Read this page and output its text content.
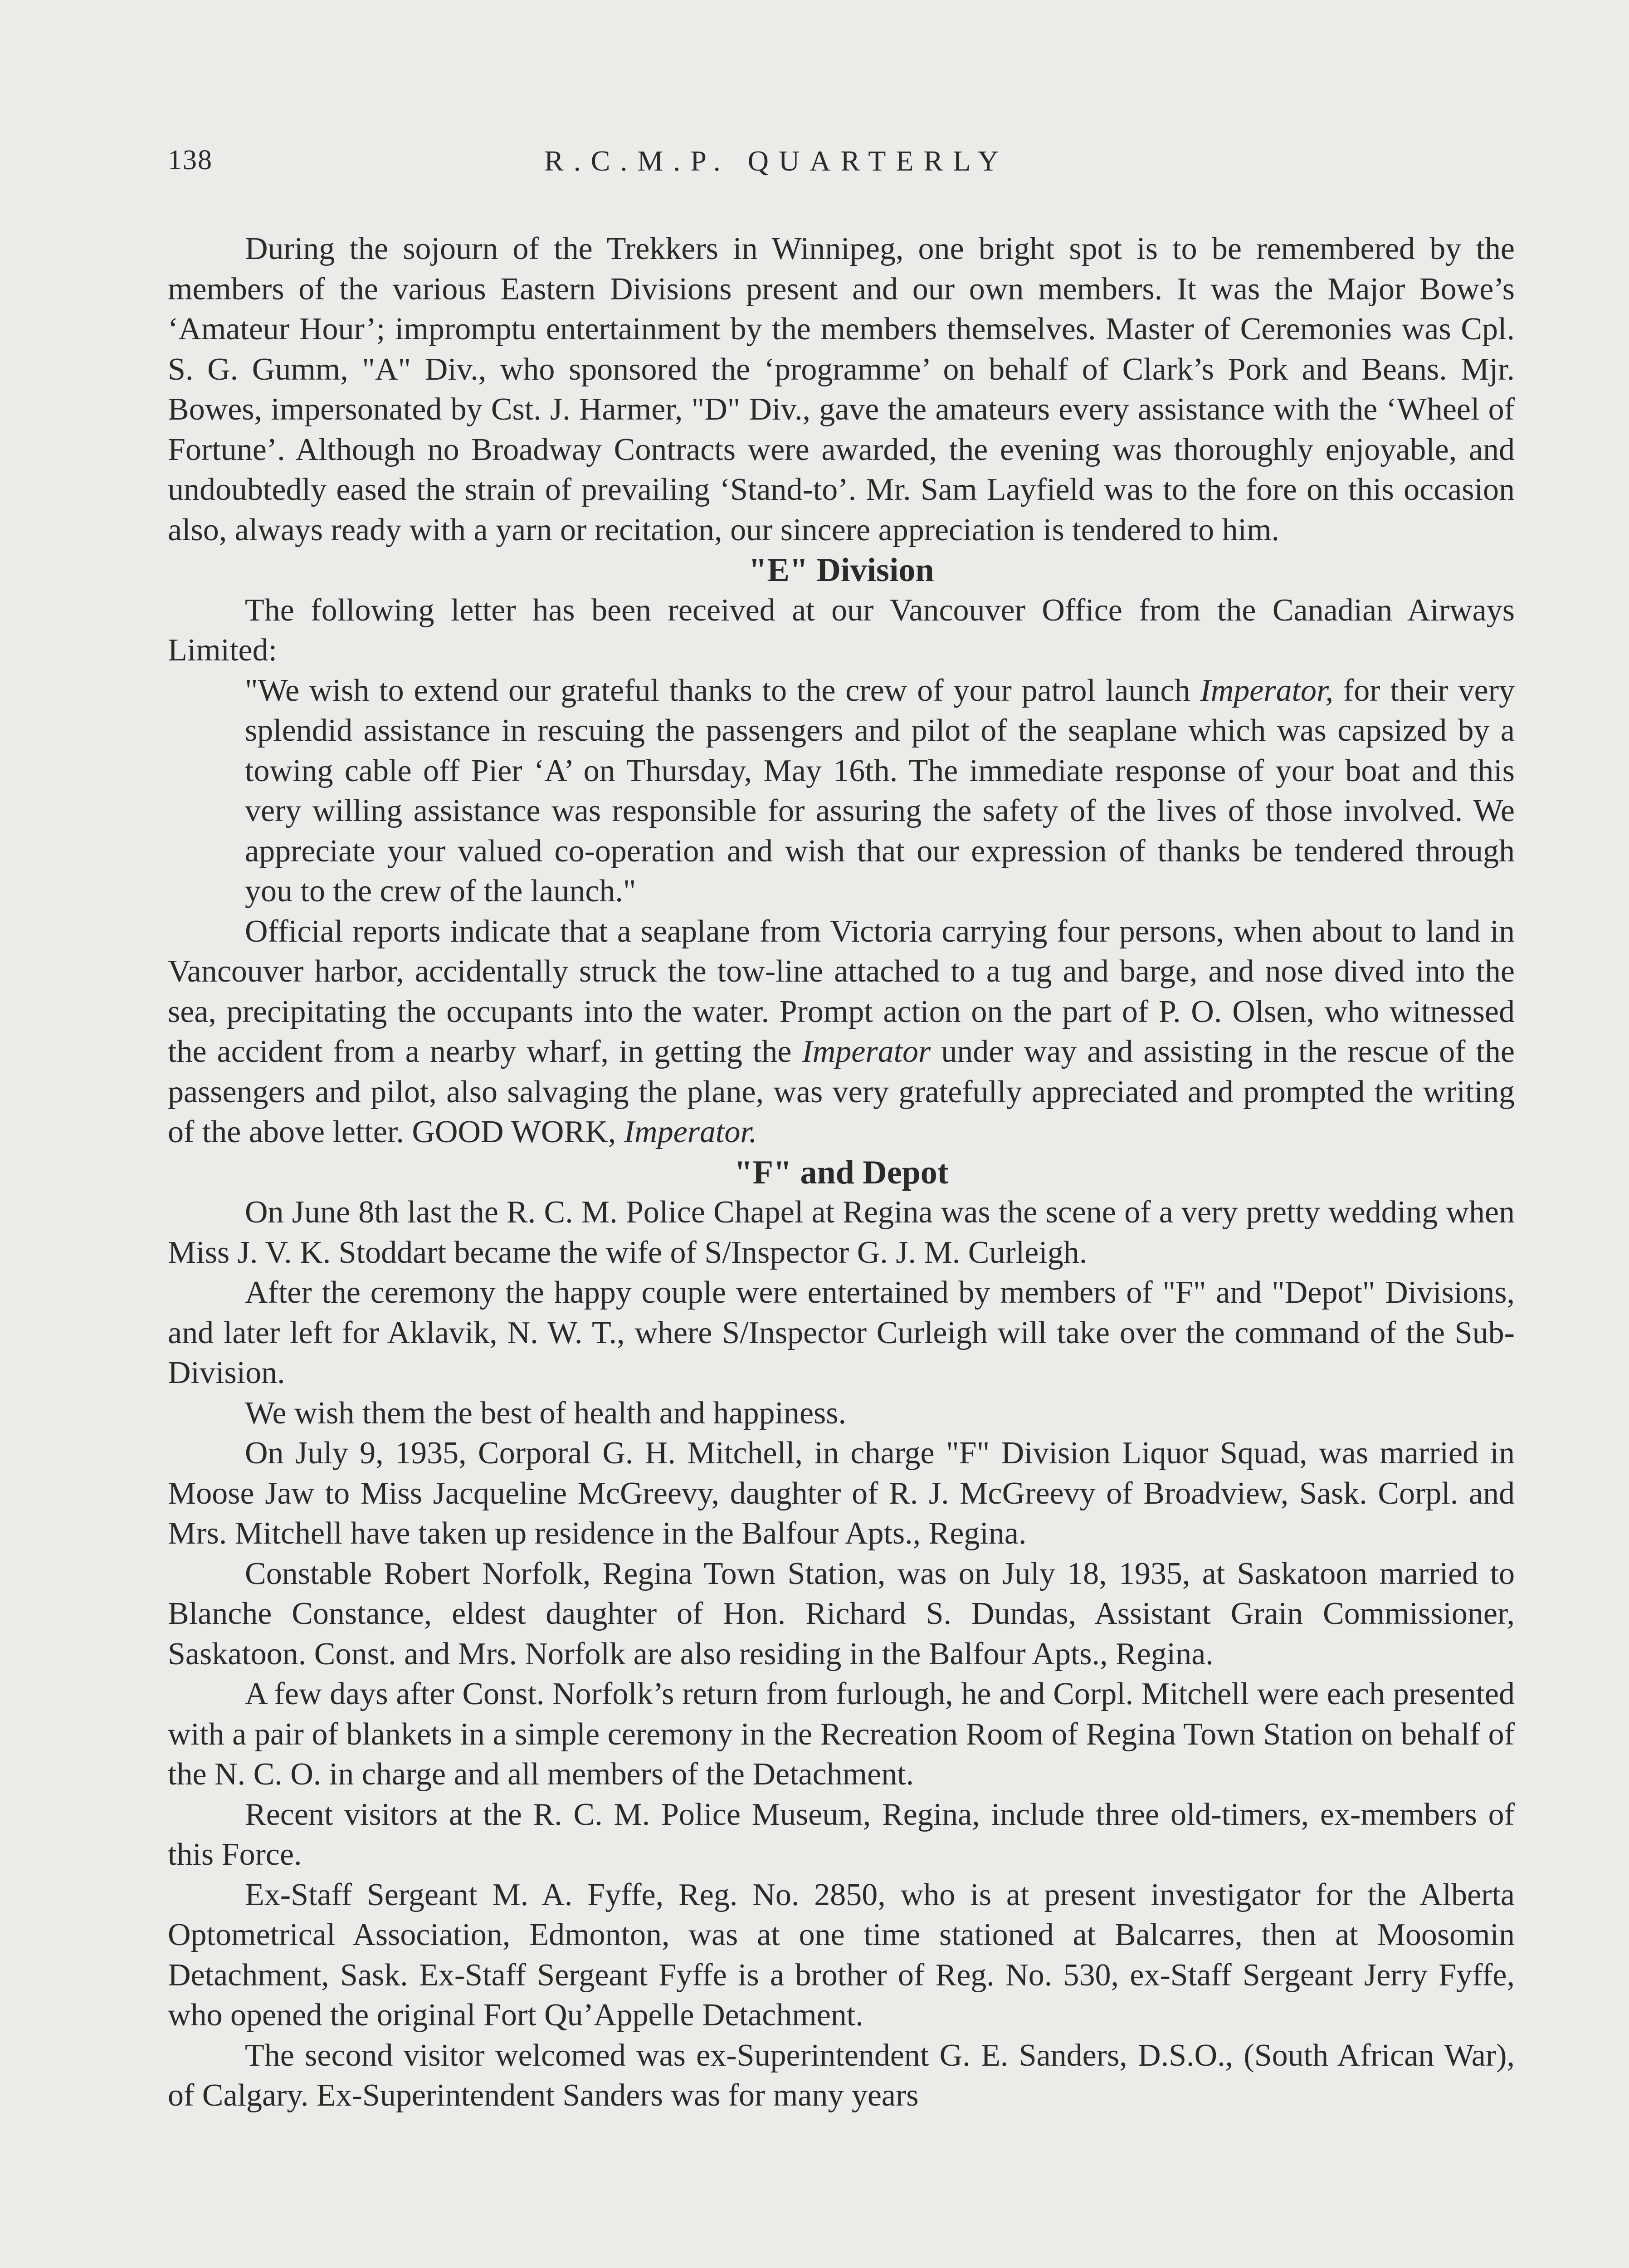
138	R.C.M.P. QUARTERLY

During the sojourn of the Trekkers in Winnipeg, one bright spot is to be remembered by the members of the various Eastern Divisions present and our own members. It was the Major Bowe’s ‘Amateur Hour’; impromptu entertainment by the members themselves. Master of Ceremonies was Cpl. S. G. Gumm, "A" Div., who sponsored the ‘programme’ on behalf of Clark’s Pork and Beans. Mjr. Bowes, impersonated by Cst. J. Harmer, "D" Div., gave the amateurs every assistance with the ‘Wheel of Fortune’. Although no Broadway Contracts were awarded, the evening was thoroughly enjoyable, and undoubtedly eased the strain of prevailing ‘Stand-to’. Mr. Sam Layfield was to the fore on this occasion also, always ready with a yarn or recitation, our sincere appreciation is tendered to him.

"E" Division

The following letter has been received at our Vancouver Office from the Canadian Airways Limited:

"We wish to extend our grateful thanks to the crew of your patrol launch Imperator, for their very splendid assistance in rescuing the passengers and pilot of the seaplane which was capsized by a towing cable off Pier ‘A’ on Thursday, May 16th. The immediate response of your boat and this very willing assistance was responsible for assuring the safety of the lives of those involved. We appreciate your valued co-operation and wish that our expression of thanks be tendered through you to the crew of the launch."

Official reports indicate that a seaplane from Victoria carrying four persons, when about to land in Vancouver harbor, accidentally struck the tow-line attached to a tug and barge, and nose dived into the sea, precipitating the occupants into the water. Prompt action on the part of P. O. Olsen, who witnessed the accident from a nearby wharf, in getting the Imperator under way and assisting in the rescue of the passengers and pilot, also salvaging the plane, was very gratefully appreciated and prompted the writing of the above letter. GOOD WORK, Imperator.

"F" and Depot

On June 8th last the R. C. M. Police Chapel at Regina was the scene of a very pretty wedding when Miss J. V. K. Stoddart became the wife of S/Inspector G. J. M. Curleigh.

After the ceremony the happy couple were entertained by members of "F" and "Depot" Divisions, and later left for Aklavik, N. W. T., where S/Inspector Curleigh will take over the command of the Sub-Division.

We wish them the best of health and happiness.

On July 9, 1935, Corporal G. H. Mitchell, in charge "F" Division Liquor Squad, was married in Moose Jaw to Miss Jacqueline McGreevy, daughter of R. J. McGreevy of Broadview, Sask. Corpl. and Mrs. Mitchell have taken up residence in the Balfour Apts., Regina.

Constable Robert Norfolk, Regina Town Station, was on July 18, 1935, at Saskatoon married to Blanche Constance, eldest daughter of Hon. Richard S. Dundas, Assistant Grain Commissioner, Saskatoon. Const. and Mrs. Norfolk are also residing in the Balfour Apts., Regina.

A few days after Const. Norfolk’s return from furlough, he and Corpl. Mitchell were each presented with a pair of blankets in a simple ceremony in the Recreation Room of Regina Town Station on behalf of the N. C. O. in charge and all members of the Detachment.

Recent visitors at the R. C. M. Police Museum, Regina, include three old-timers, ex-members of this Force.

Ex-Staff Sergeant M. A. Fyffe, Reg. No. 2850, who is at present investigator for the Alberta Optometrical Association, Edmonton, was at one time stationed at Balcarres, then at Moosomin Detachment, Sask. Ex-Staff Sergeant Fyffe is a brother of Reg. No. 530, ex-Staff Sergeant Jerry Fyffe, who opened the original Fort Qu’Appelle Detachment.

The second visitor welcomed was ex-Superintendent G. E. Sanders, D.S.O., (South African War), of Calgary. Ex-Superintendent Sanders was for many years
